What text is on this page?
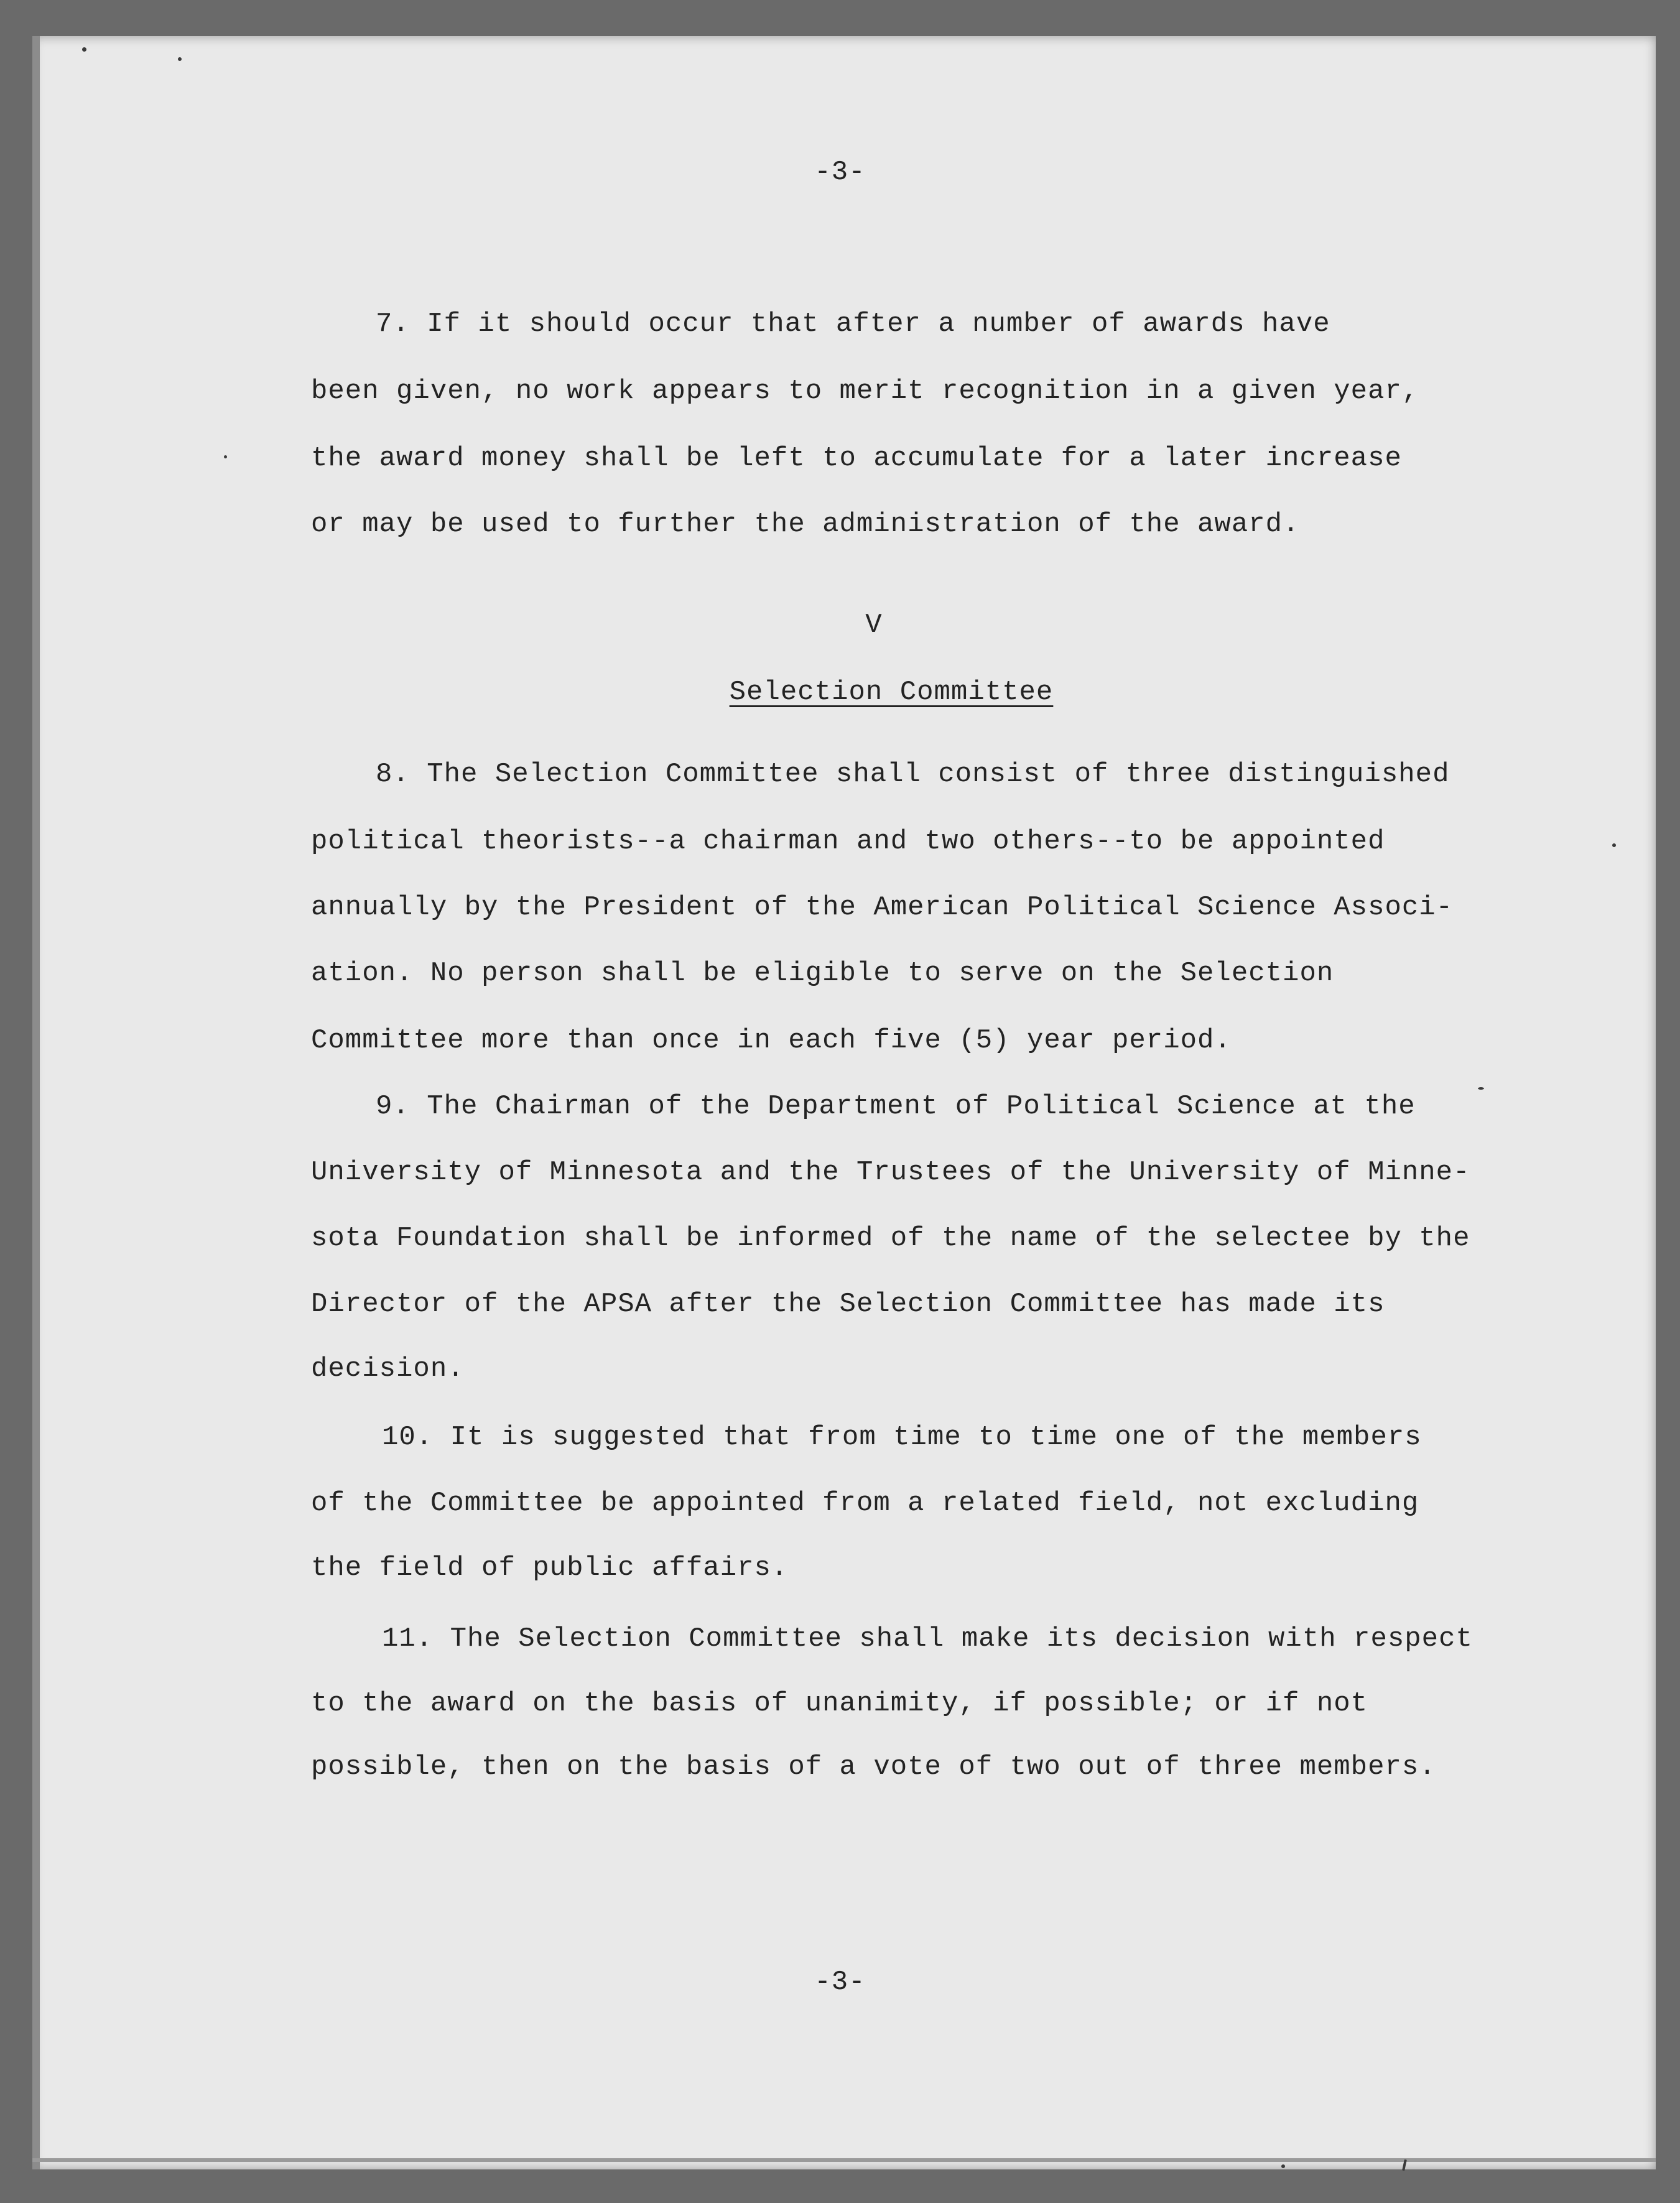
-3-
7. If it should occur that after a number of awards have
been given, no work appears to merit recognition in a given year,
the award money shall be left to accumulate for a later increase
or may be used to further the administration of the award.
V
Selection Committee
8. The Selection Committee shall consist of three distinguished
political theorists--a chairman and two others--to be appointed
annually by the President of the American Political Science Associ-
ation. No person shall be eligible to serve on the Selection
Committee more than once in each five (5) year period.
9. The Chairman of the Department of Political Science at the
University of Minnesota and the Trustees of the University of Minne-
sota Foundation shall be informed of the name of the selectee by the
Director of the APSA after the Selection Committee has made its
decision.
10. It is suggested that from time to time one of the members
of the Committee be appointed from a related field, not excluding
the field of public affairs.
11. The Selection Committee shall make its decision with respect
to the award on the basis of unanimity, if possible; or if not
possible, then on the basis of a vote of two out of three members.
-3-
